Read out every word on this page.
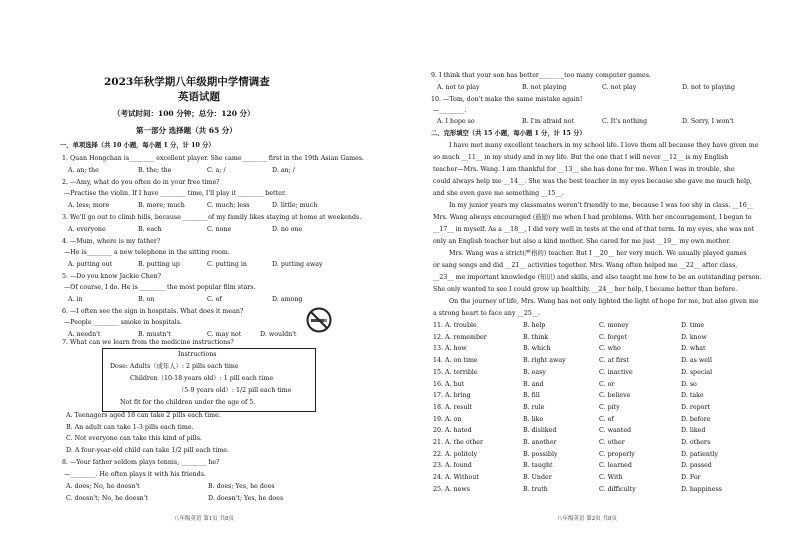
2023年秋学期八年级期中学情调查
英语试题
（考试时间：100 分钟；总分：120 分）
第一部分 选择题（共 65 分）
一、单项选择（共 10 小题，每小题 1 分，计 10 分）
1. Quan Hongchan is________ excellent player. She came________ first in the 19th Asian Games.
A. an; the	B. the; the	C. a; /	D. an; /
2. —Amy, what do you often do in your free time?
—Practise the violin. If I have ________ time, I'll play it ________ better.
A. less; more	B. more; much	C. much; less	D. little; much
3. We'll go out to climb hills, because ________of my family likes staying at home at weekends.
A. everyone	B. each	C. none	D. no one
4. —Mum, where is my father?
—He is________ a new telephone in the sitting room.
A. putting out	B. putting up	C. putting in	D. putting away
5. —Do you know Jackie Chen?
—Of course, I do. He is ________ the most popular film stars.
A. in	B. on	C. of	D. among
6. —I often see the sign in hospitals. What does it mean?
—People ________ smoke in hospitals.
A. needn't	B. mustn't	C. may not	D. wouldn't
7. What can we learn from the medicine instructions?
Instructions
Dose: Adults（成年人）: 2 pills each time
Children（10-18 years old）: 1 pill each time
（5-9 years old）: 1/2 pill each time
Not fit for the children under the age of 5.
A. Teenagers aged 18 can take 2 pills each time.
B. An adult can take 1-3 pills each time.
C. Not everyone can take this kind of pills.
D. A four-year-old child can take 1/2 pill each time.
8. —Your father seldom plays tennis, ________ he?
—________. He often plays it with his friends.
A. does; No, he doesn't	B. does; Yes, he does
C. doesn't; No, he doesn't	D. doesn't; Yes, he does
八年级英语 第1页 共8页
9. I think that your son has better________too many computer games.
A. not to play	B. not playing	C. not play	D. not to playing
10. —Tom, don't make the same mistake again!
—________.
A. I hope so	B. I'm afraid not	C. It's nothing	D. Sorry, I won't
二、完形填空（共 15 小题，每小题 1 分，计 15 分）
I have met many excellent teachers in my school life. I love them all because they have given me
so much __11__ in my study and in my life. But the one that I will never __12__ is my English
teacher—Mrs. Wang. I am thankful for __13__ she has done for me. When I was in trouble, she
could always help me __14__. She was the best teacher in my eyes because she gave me much help,
and she even gave me something __15__.
In my junior years my classmates weren't friendly to me, because I was too shy in class. __16__
Mrs. Wang always encouraged (鼓励) me when I had problems. With her encouragement, I began to
__17__ in myself. As a __18__, I did very well in tests at the end of that term. In my eyes, she was not
only an English teacher but also a kind mother. She cared for me just __19__ my own mother.
Mrs. Wang was a strict(严格的) teacher. But I __20__ her very much. We usually played games
or sang songs and did __21__ activities together. Mrs. Wang often helped me __22__ after class,
__23__ me important knowledge (知识) and skills, and also taught me how to be an outstanding person.
She only wanted to see I could grow up healthily. __24__ her help, I became better than before.
On the journey of life, Mrs. Wang has not only lighted the light of hope for me, but also given me
a strong heart to face any __25__.
11. A. trouble	B. help	C. money	D. time
12. A. remember	B. think	C. forget	D. know
13. A. how	B. which	C. who	D. what
14. A. on time	B. right away	C. at first	D. as well
15. A. terrible	B. easy	C. inactive	D. special
16. A. but	B. and	C. or	D. so
17. A. bring	B. fill	C. believe	D. take
18. A. result	B. rule	C. pity	D. report
19. A. on	B. like	C. of	D. before
20. A. hated	B. disliked	C. wanted	D. liked
21. A. the other	B. another	C. other	D. others
22. A. politely	B. possibly	C. properly	D. patiently
23. A. found	B. taught	C. learned	D. passed
24. A. Without	B. Under	C. With	D. For
25. A. news	B. truth	C. difficulty	D. happiness
八年级英语 第2页 共8页
